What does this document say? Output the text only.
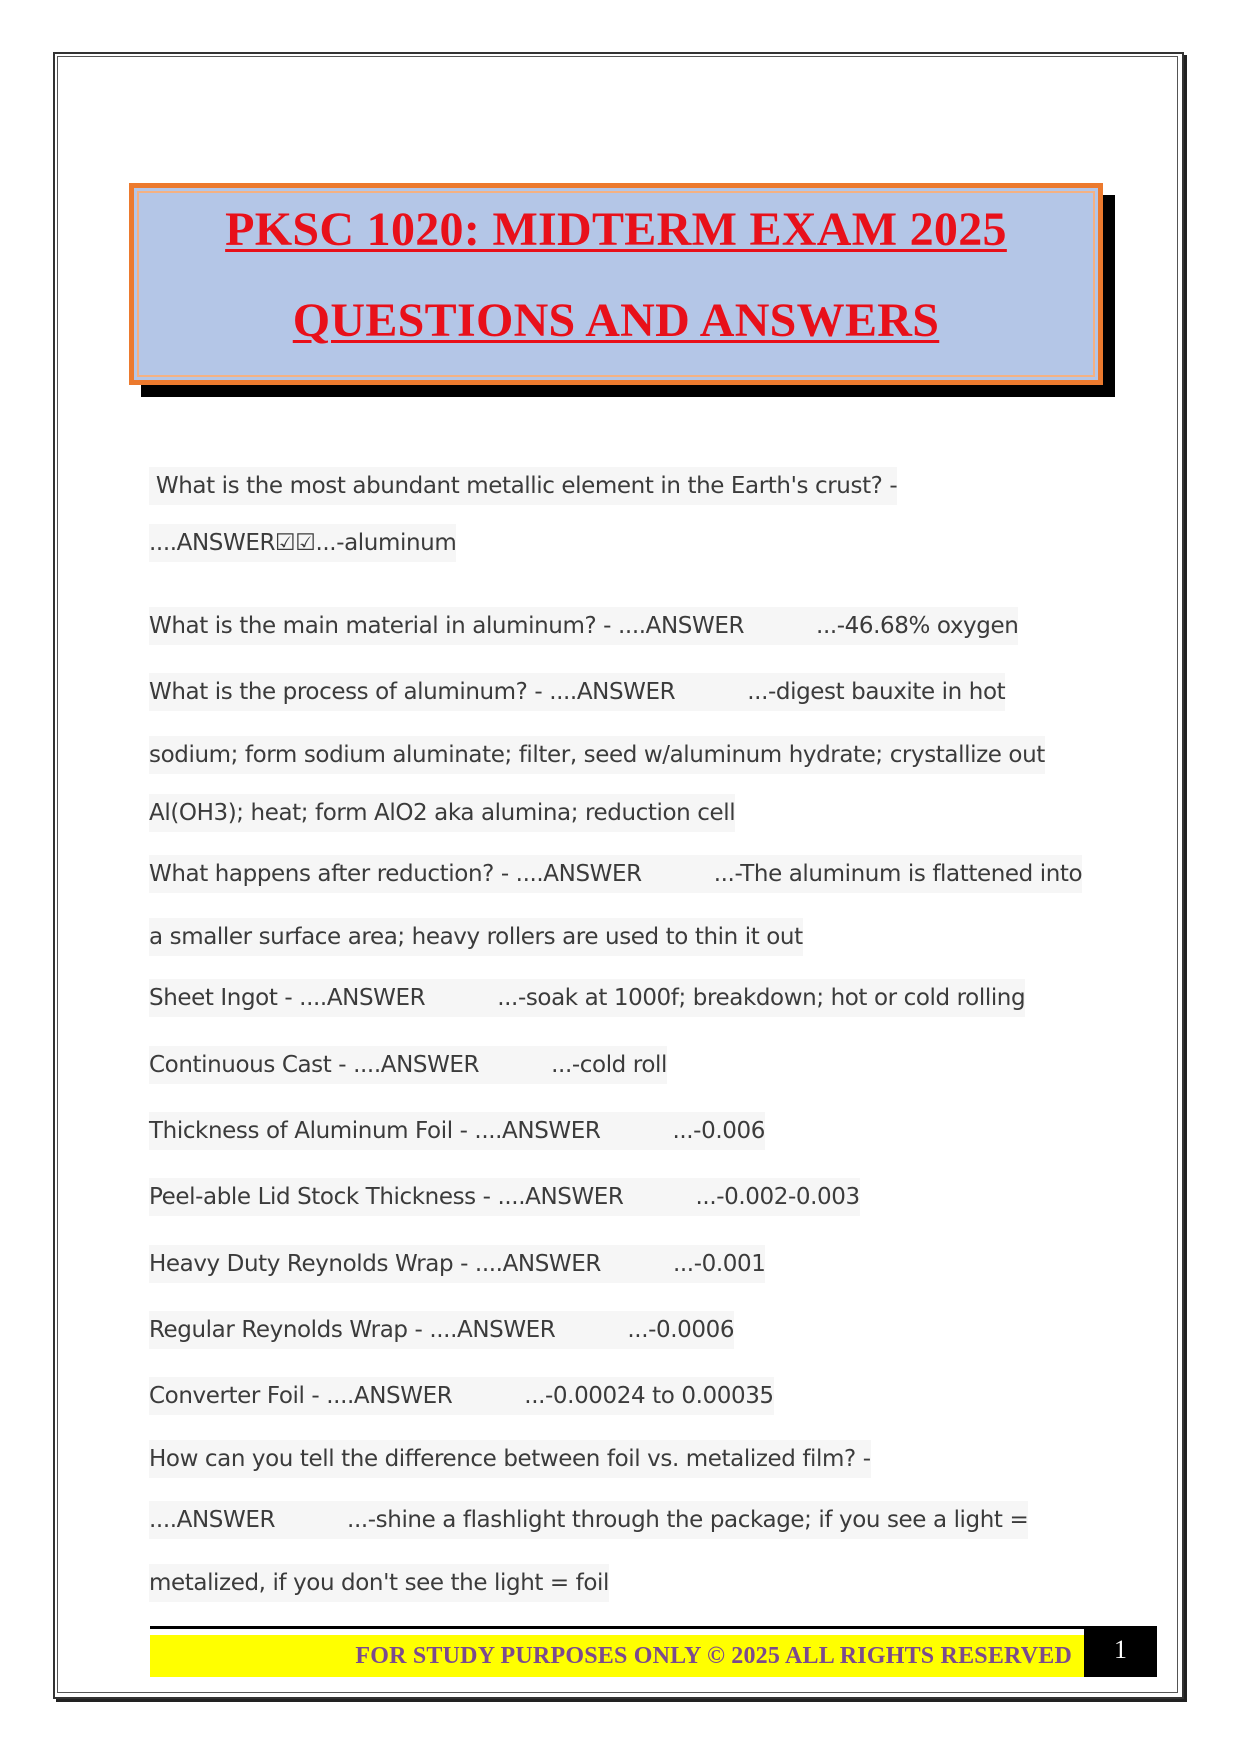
PKSC 1020: MIDTERM EXAM 2025
QUESTIONS AND ANSWERS
What is the most abundant metallic element in the Earth's crust? -
....ANSWER☑☑...-aluminum
What is the main material in aluminum? - ....ANSWER	...-46.68% oxygen
What is the process of aluminum? - ....ANSWER	...-digest bauxite in hot
sodium; form sodium aluminate; filter, seed w/aluminum hydrate; crystallize out
Al(OH3); heat; form AlO2 aka alumina; reduction cell
What happens after reduction? - ....ANSWER	...-The aluminum is flattened into
a smaller surface area; heavy rollers are used to thin it out
Sheet Ingot - ....ANSWER	...-soak at 1000f; breakdown; hot or cold rolling
Continuous Cast - ....ANSWER	...-cold roll
Thickness of Aluminum Foil - ....ANSWER	...-0.006
Peel-able Lid Stock Thickness - ....ANSWER	...-0.002-0.003
Heavy Duty Reynolds Wrap - ....ANSWER	...-0.001
Regular Reynolds Wrap - ....ANSWER	...-0.0006
Converter Foil - ....ANSWER	...-0.00024 to 0.00035
How can you tell the difference between foil vs. metalized film? -
....ANSWER	...-shine a flashlight through the package; if you see a light =
metalized, if you don't see the light = foil
FOR STUDY PURPOSES ONLY © 2025 ALL RIGHTS RESERVED	1
